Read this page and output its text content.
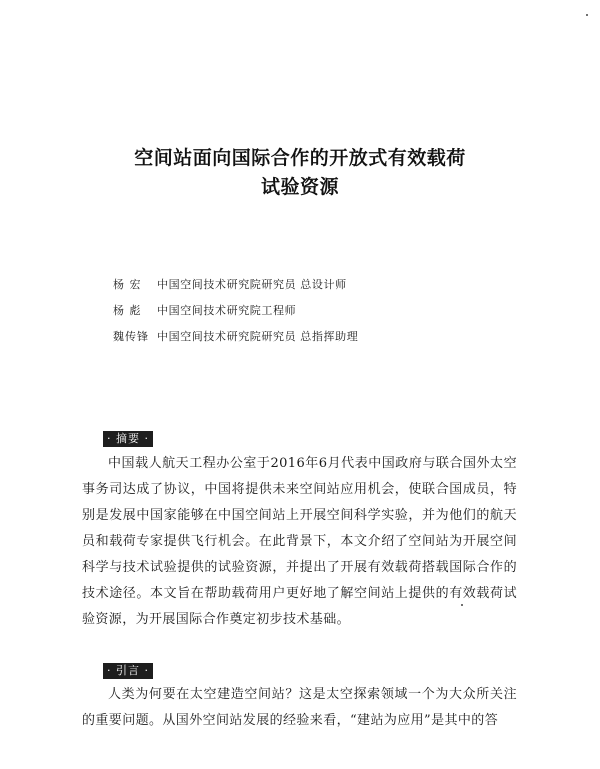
空间站面向国际合作的开放式有效载荷
试验资源
杨 宏	中国空间技术研究院研究员 总设计师
杨 彪	中国空间技术研究院工程师
魏传锋 中国空间技术研究院研究员 总指挥助理
· 摘要 ·
中国载人航天工程办公室于2016年6月代表中国政府与联合国外太空事务司达成了协议，中国将提供未来空间站应用机会，使联合国成员，特别是发展中国家能够在中国空间站上开展空间科学实验，并为他们的航天员和载荷专家提供飞行机会。在此背景下，本文介绍了空间站为开展空间科学与技术试验提供的试验资源，并提出了开展有效载荷搭载国际合作的技术途径。本文旨在帮助载荷用户更好地了解空间站上提供的有效载荷试验资源，为开展国际合作奠定初步技术基础。
· 引言 ·
人类为何要在太空建造空间站？这是太空探索领域一个为大众所关注的重要问题。从国外空间站发展的经验来看，“建站为应用”是其中的答
